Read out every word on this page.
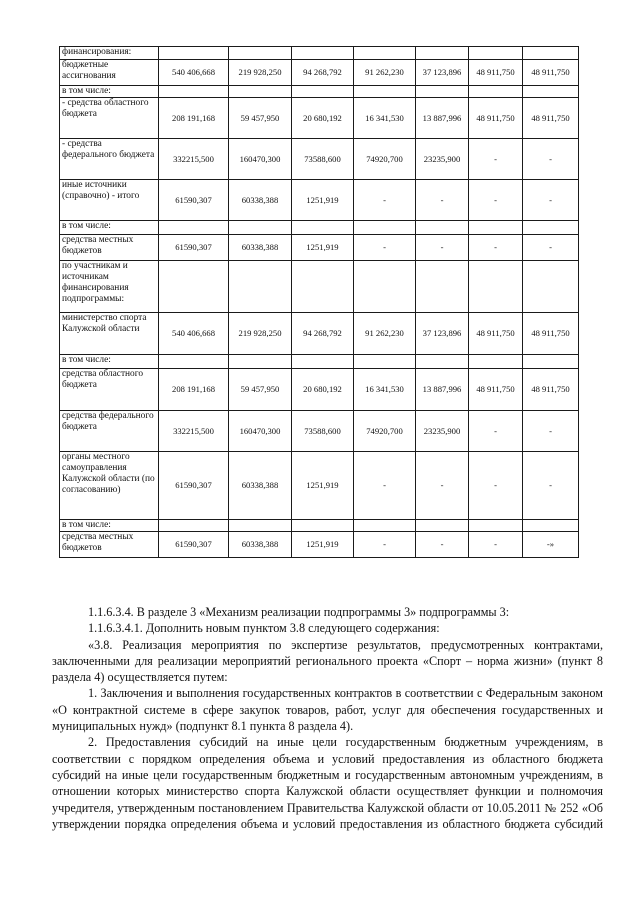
финансирования:							
бюджетные ассигнования	540 406,668	219 928,250	94 268,792	91 262,230	37 123,896	48 911,750	48 911,750
в том числе:							
- средства областного бюджета	208 191,168	59 457,950	20 680,192	16 341,530	13 887,996	48 911,750	48 911,750
- средства федерального бюджета	332215,500	160470,300	73588,600	74920,700	23235,900	-	-
иные источники (справочно) - итого	61590,307	60338,388	1251,919	-	-	-	-
в том числе:							
средства местных бюджетов	61590,307	60338,388	1251,919	-	-	-	-
по участникам и источникам финансирования подпрограммы:							
министерство спорта Калужской области	540 406,668	219 928,250	94 268,792	91 262,230	37 123,896	48 911,750	48 911,750
в том числе:							
средства областного бюджета	208 191,168	59 457,950	20 680,192	16 341,530	13 887,996	48 911,750	48 911,750
средства федерального бюджета	332215,500	160470,300	73588,600	74920,700	23235,900	-	-
органы местного самоуправления Калужской области (по согласованию)	61590,307	60338,388	1251,919	-	-	-	-
в том числе:							
средства местных бюджетов	61590,307	60338,388	1251,919	-	-	-	-»

1.1.6.3.4. В разделе 3 «Механизм реализации подпрограммы 3» подпрограммы 3:

1.1.6.3.4.1. Дополнить новым пунктом 3.8 следующего содержания:

«3.8. Реализация мероприятия по экспертизе результатов, предусмотренных контрактами, заключенными для реализации мероприятий регионального проекта «Спорт – норма жизни» (пункт 8 раздела 4) осуществляется путем:

1. Заключения и выполнения государственных контрактов в соответствии с Федеральным законом «О контрактной системе в сфере закупок товаров, работ, услуг для обеспечения государственных и муниципальных нужд» (подпункт 8.1 пункта 8 раздела 4).

2. Предоставления субсидий на иные цели государственным бюджетным учреждениям, в соответствии с порядком определения объема и условий предоставления из областного бюджета субсидий на иные цели государственным бюджетным и государственным автономным учреждениям, в отношении которых министерство спорта Калужской области осуществляет функции и полномочия учредителя, утвержденным постановлением Правительства Калужской области от 10.05.2011 № 252 «Об утверждении порядка определения объема и условий предоставления из областного бюджета субсидий
